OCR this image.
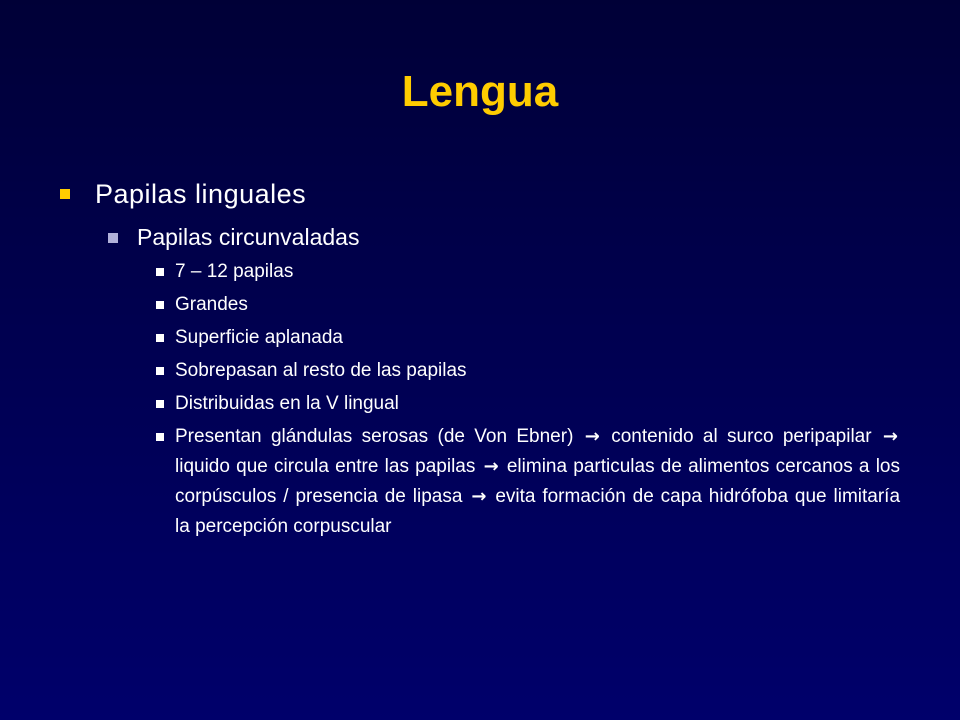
Lengua
Papilas linguales
Papilas circunvaladas
7 – 12 papilas
Grandes
Superficie aplanada
Sobrepasan al resto de las papilas
Distribuidas en la V lingual
Presentan glándulas serosas (de Von Ebner) → contenido al surco peripapilar → liquido que circula entre las papilas → elimina particulas de alimentos cercanos a los corpúsculos / presencia de lipasa → evita formación de capa hidrófoba que limitaría la percepción corpuscular
